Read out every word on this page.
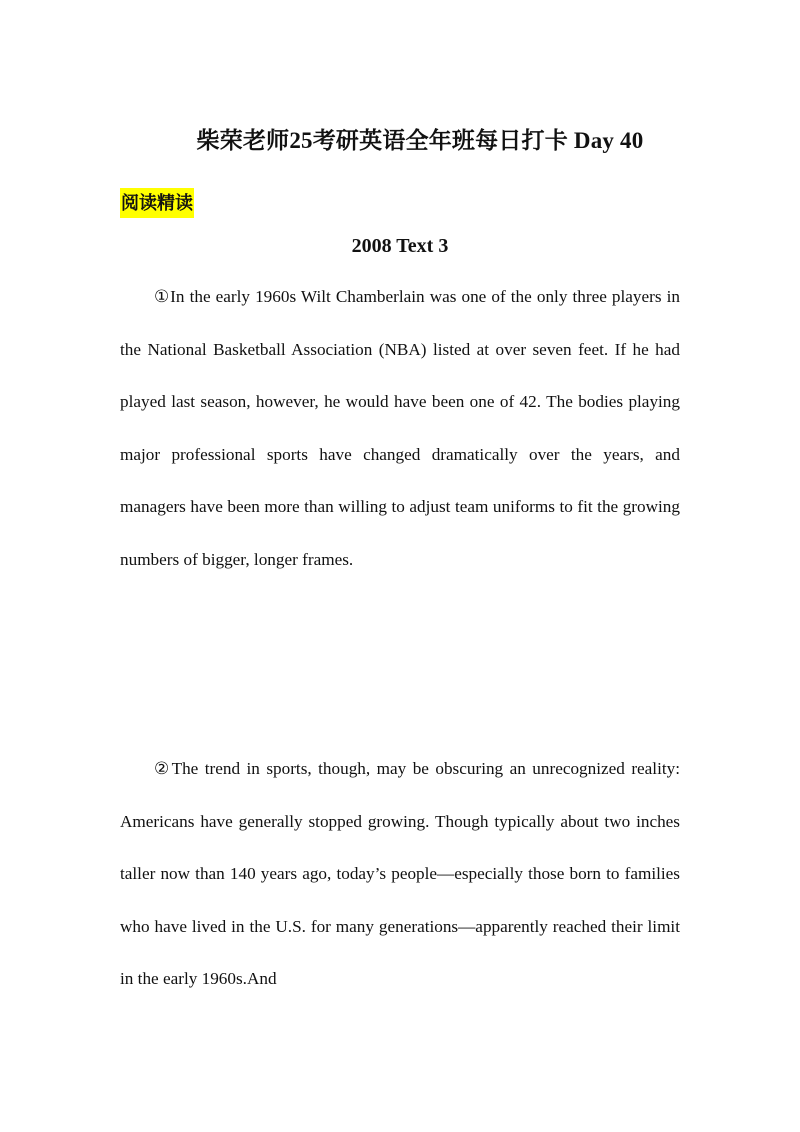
柴荣老师25考研英语全年班每日打卡 Day 40
阅读精读
2008 Text 3

①In the early 1960s Wilt Chamberlain was one of the only three players in the National Basketball Association (NBA) listed at over seven feet. If he had played last season, however, he would have been one of 42. The bodies playing major professional sports have changed dramatically over the years, and managers have been more than willing to adjust team uniforms to fit the growing numbers of bigger, longer frames.

②The trend in sports, though, may be obscuring an unrecognized reality: Americans have generally stopped growing. Though typically about two inches taller now than 140 years ago, today’s people—especially those born to families who have lived in the U.S. for many generations—apparently reached their limit in the early 1960s.And
